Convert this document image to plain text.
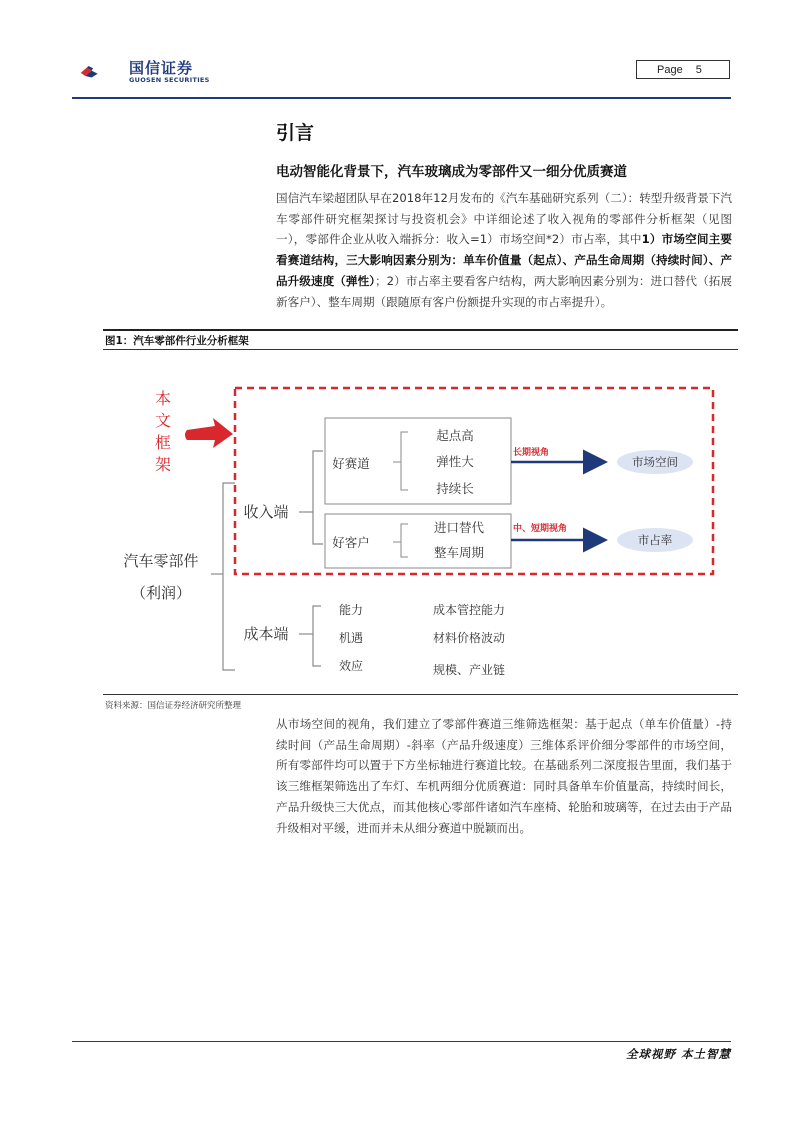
国信证券
GUOSEN SECURITIES
Page 5
引言
电动智能化背景下，汽车玻璃成为零部件又一细分优质赛道
国信汽车梁超团队早在2018年12月发布的《汽车基础研究系列（二）：转型升级背景下汽车零部件研究框架探讨与投资机会》中详细论述了收入视角的零部件分析框架（见图一），零部件企业从收入端拆分：收入=1）市场空间*2）市占率，其中1）市场空间主要看赛道结构，三大影响因素分别为：单车价值量（起点）、产品生命周期（持续时间）、产品升级速度（弹性）；2）市占率主要看客户结构，两大影响因素分别为：进口替代（拓展新客户）、整车周期（跟随原有客户份额提升实现的市占率提升）。
图1：汽车零部件行业分析框架
本
文
框
架
汽车零部件
（利润）
收入端
好赛道
起点高
弹性大
持续长
长期视角
市场空间
好客户
进口替代
整车周期
中、短期视角
市占率
成本端
能力
机遇
效应
成本管控能力
材料价格波动
规模、产业链
资料来源：国信证券经济研究所整理
从市场空间的视角，我们建立了零部件赛道三维筛选框架：基于起点（单车价值量）-持续时间（产品生命周期）-斜率（产品升级速度）三维体系评价细分零部件的市场空间，所有零部件均可以置于下方坐标轴进行赛道比较。在基础系列二深度报告里面，我们基于该三维框架筛选出了车灯、车机两细分优质赛道：同时具备单车价值量高，持续时间长，产品升级快三大优点，而其他核心零部件诸如汽车座椅、轮胎和玻璃等，在过去由于产品升级相对平缓，进而并未从细分赛道中脱颖而出。
全球视野 本土智慧
